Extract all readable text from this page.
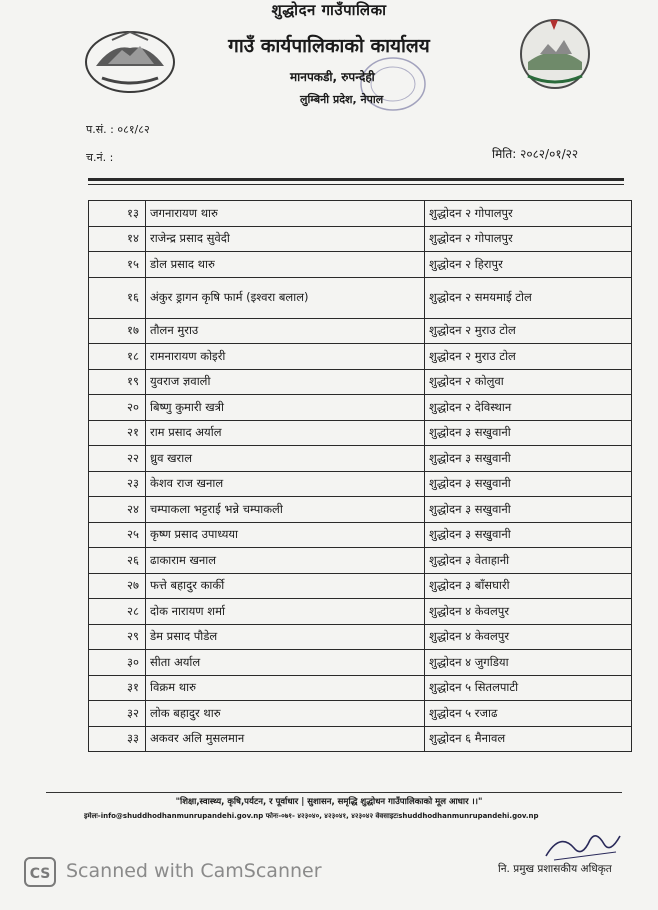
शुद्धोदन गाउँपालिका
गाउँ कार्यपालिकाको कार्यालय
मानपकडी, रुपन्देही
लुम्बिनी प्रदेश, नेपाल
प.सं. : ०८१/८२
च.नं. :	मिति: २०८२/०१/२२
१३	जगनारायण थारु	शुद्धोदन २ गोपालपुर
१४	राजेन्द्र प्रसाद सुवेदी	शुद्धोदन २ गोपालपुर
१५	डोल प्रसाद थारु	शुद्धोदन २ हिरापुर
१६	अंकुर ड्रागन कृषि फार्म (इश्वरा बलाल)	शुद्धोदन २ समयमाई टोल
१७	तौलन मुराउ	शुद्धोदन २ मुराउ टोल
१८	रामनारायण कोइरी	शुद्धोदन २ मुराउ टोल
१९	युवराज ज्ञवाली	शुद्धोदन २ कोलुवा
२०	बिष्णु कुमारी खत्री	शुद्धोदन २ देविस्थान
२१	राम प्रसाद अर्याल	शुद्धोदन ३ सखुवानी
२२	ध्रुव खराल	शुद्धोदन ३ सखुवानी
२३	केशव राज खनाल	शुद्धोदन ३ सखुवानी
२४	चम्पाकला भट्टराई भन्ने चम्पाकली	शुद्धोदन ३ सखुवानी
२५	कृष्ण प्रसाद उपाध्यया	शुद्धोदन ३ सखुवानी
२६	ढाकाराम खनाल	शुद्धोदन ३ वेताहानी
२७	फत्ते बहादुर कार्की	शुद्धोदन ३ बाँसघारी
२८	दोक नारायण शर्मा	शुद्धोदन ४ केवलपुर
२९	डेम प्रसाद पौडेल	शुद्धोदन ४ केवलपुर
३०	सीता अर्याल	शुद्धोदन ४ जुगडिया
३१	विक्रम थारु	शुद्धोदन ५ सितलपाटी
३२	लोक बहादुर थारु	शुद्धोदन ५ रजाढ
३३	अकवर अलि मुसलमान	शुद्धोदन ६ मैनावल
"शिक्षा,स्वास्थ्य, कृषि,पर्यटन, र पूर्वाधार | सुशासन, समृद्धि शुद्धोधन गाउँपालिकाको मूल आधार ।।"
इमेलः-info@shuddhodhanmunrupandehi.gov.np फोनः-०७१- ४२३०४०, ४२३०४१, ४२३०४२ वेवसाइटःshuddhodhanmunrupandehi.gov.np
नि. प्रमुख प्रशासकीय अधिकृत
CS Scanned with CamScanner
